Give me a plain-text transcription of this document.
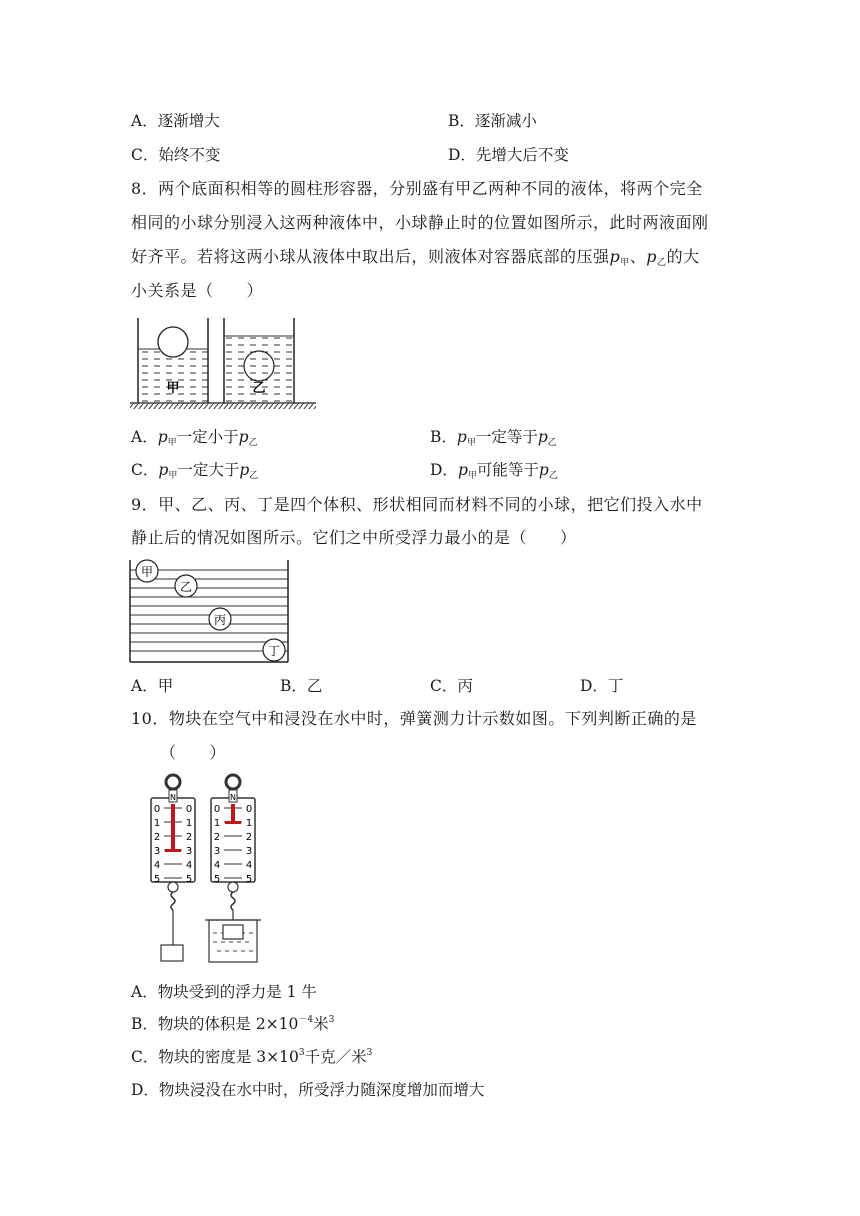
A．逐渐增大	B．逐渐减小
C．始终不变	D．先增大后不变
8．两个底面积相等的圆柱形容器，分别盛有甲乙两种不同的液体，将两个完全
相同的小球分别浸入这两种液体中，小球静止时的位置如图所示，此时两液面刚
好齐平。若将这两小球从液体中取出后，则液体对容器底部的压强p甲、p乙的大
小关系是（　　）
甲	乙
A．p甲一定小于p乙	B．p甲一定等于p乙
C．p甲一定大于p乙	D．p甲可能等于p乙
9．甲、乙、丙、丁是四个体积、形状相同而材料不同的小球，把它们投入水中
静止后的情况如图所示。它们之中所受浮力最小的是（　　）
甲
乙
丙
丁
A．甲	B．乙	C．丙	D．丁
10．物块在空气中和浸没在水中时，弹簧测力计示数如图。下列判断正确的是
（　　）
N
0	0
1	1
2	2
3	3
4	4
5	5
N
0	0
1	1
2	2
3	3
4	4
5	5
A．物块受到的浮力是 1 牛
B．物块的体积是 $2\times 10^{-4}$米$^3$
C．物块的密度是 $3\times 10^3$千克／米$^3$
D．物块浸没在水中时，所受浮力随深度增加而增大
